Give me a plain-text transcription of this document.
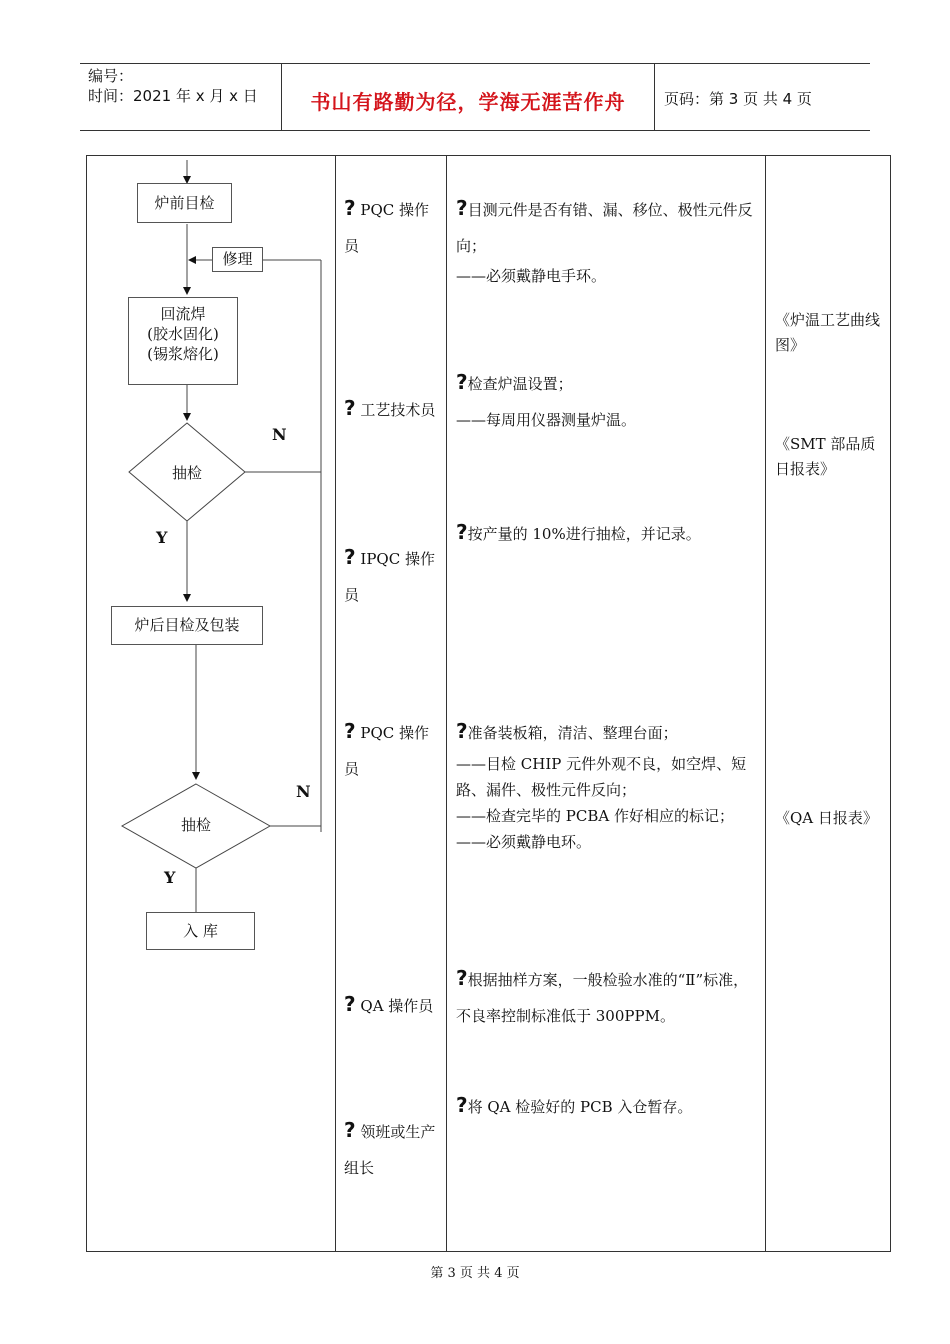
编号：
时间：2021 年 x 月 x 日	书山有路勤为径，学海无涯苦作舟	页码：第 3 页 共 4 页
炉前目检
修理
回流焊
(胶水固化)
(锡浆熔化)
抽检
N
Y
炉后目检及包装
抽检
N
Y
入 库
? PQC 操作员
? 工艺技术员
? IPQC 操作员
? PQC 操作员
? QA 操作员
? 领班或生产组长

?目测元件是否有错、漏、移位、极性元件反向；

——必须戴静电手环。

?检查炉温设置；

——每周用仪器测量炉温。

?按产量的 10%进行抽检，并记录。

?准备装板箱，清洁、整理台面；

——目检 CHIP 元件外观不良，如空焊、短路、漏件、极性元件反向；

——检查完毕的 PCBA 作好相应的标记；

——必须戴静电环。

?根据抽样方案，一般检验水准的“Ⅱ”标准，不良率控制标准低于 300PPM。

?将 QA 检验好的 PCB 入仓暂存。

《炉温工艺曲线图》
《SMT 部品质日报表》
《QA 日报表》
第 3 页 共 4 页
